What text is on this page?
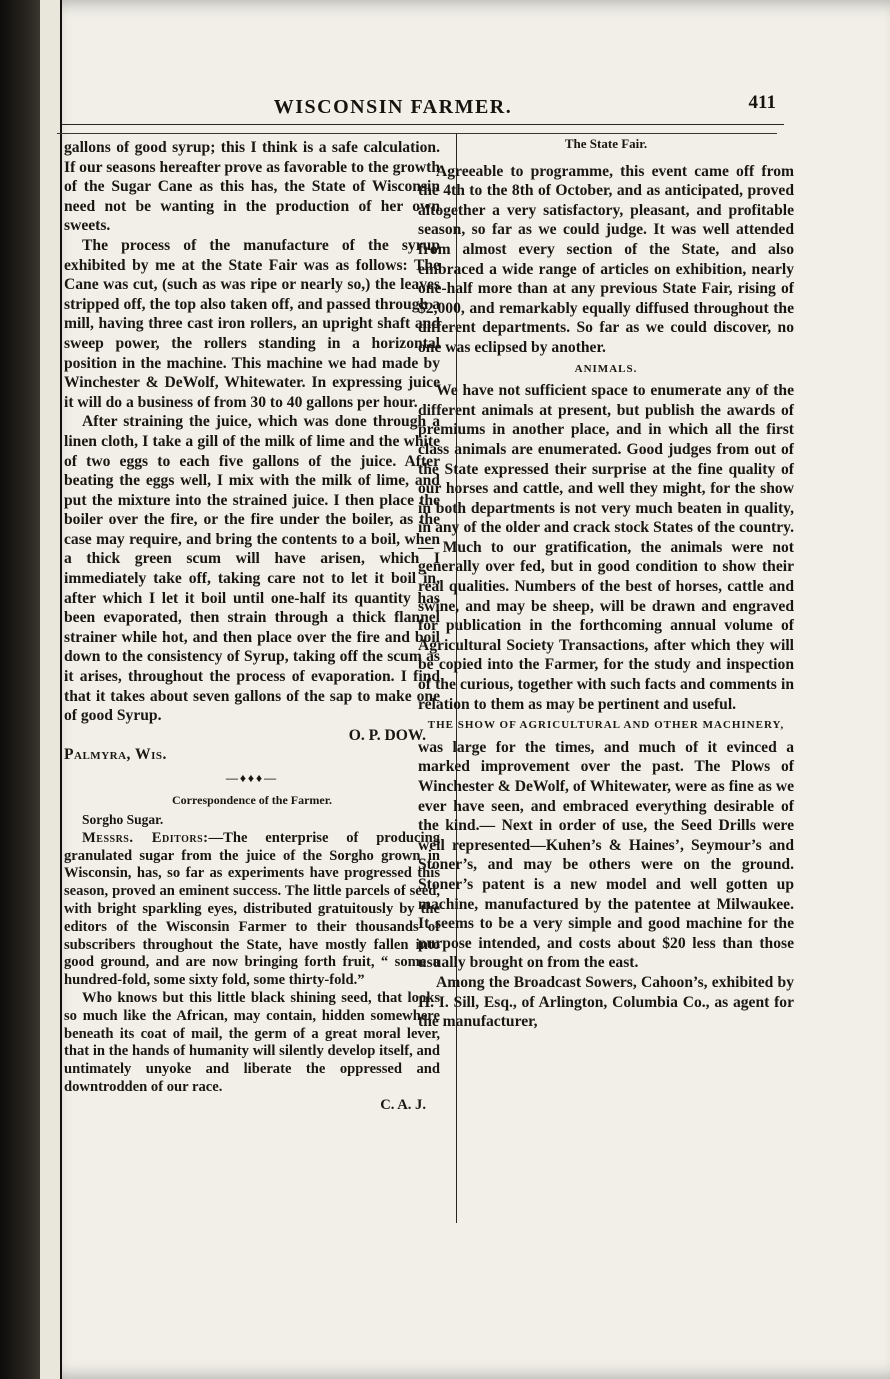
WISCONSIN FARMER.	411

gallons of good syrup; this I think is a safe calculation. If our seasons hereafter prove as favorable to the growth of the Sugar Cane as this has, the State of Wisconsin need not be wanting in the production of her own sweets.

The process of the manufacture of the syrup exhibited by me at the State Fair was as follows: The Cane was cut, (such as was ripe or nearly so,) the leaves stripped off, the top also taken off, and passed through a mill, having three cast iron rollers, an upright shaft and sweep power, the rollers standing in a horizontal position in the machine. This machine we had made by Winchester & DeWolf, Whitewater. In expressing juice it will do a business of from 30 to 40 gallons per hour.

After straining the juice, which was done through a linen cloth, I take a gill of the milk of lime and the white of two eggs to each five gallons of the juice. After beating the eggs well, I mix with the milk of lime, and put the mixture into the strained juice. I then place the boiler over the fire, or the fire under the boiler, as the case may require, and bring the contents to a boil, when a thick green scum will have arisen, which I immediately take off, taking care not to let it boil in, after which I let it boil until one-half its quantity has been evaporated, then strain through a thick flannel strainer while hot, and then place over the fire and boil down to the consistency of Syrup, taking off the scum as it arises, throughout the process of evaporation. I find that it takes about seven gallons of the sap to make one of good Syrup.

O. P. DOW.
Palmyra, Wis.
—♦♦♦—
Correspondence of the Farmer.

Sorgho Sugar.

Messrs. Editors:—The enterprise of producing granulated sugar from the juice of the Sorgho grown in Wisconsin, has, so far as experiments have progressed this season, proved an eminent success. The little parcels of seed, with bright sparkling eyes, distributed gratuitously by the editors of the Wisconsin Farmer to their thousands of subscribers throughout the State, have mostly fallen into good ground, and are now bringing forth fruit, “ some a hundred-fold, some sixty fold, some thirty-fold.”

Who knows but this little black shining seed, that looks so much like the African, may contain, hidden somewhere beneath its coat of mail, the germ of a great moral lever, that in the hands of humanity will silently develop itself, and untimately unyoke and liberate the oppressed and downtrodden of our race.

C. A. J.
The State Fair.

Agreeable to programme, this event came off from the 4th to the 8th of October, and as anticipated, proved altogether a very satisfactory, pleasant, and profitable season, so far as we could judge. It was well attended from almost every section of the State, and also embraced a wide range of articles on exhibition, nearly one-half more than at any previous State Fair, rising of $2,000, and remarkably equally diffused throughout the different departments. So far as we could discover, no one was eclipsed by another.

ANIMALS.

We have not sufficient space to enumerate any of the different animals at present, but publish the awards of premiums in another place, and in which all the first class animals are enumerated. Good judges from out of the State expressed their surprise at the fine quality of our horses and cattle, and well they might, for the show in both departments is not very much beaten in quality, in any of the older and crack stock States of the country.— Much to our gratification, the animals were not generally over fed, but in good condition to show their real qualities. Numbers of the best of horses, cattle and swine, and may be sheep, will be drawn and engraved for publication in the forthcoming annual volume of Agricultural Society Transactions, after which they will be copied into the Farmer, for the study and inspection of the curious, together with such facts and comments in relation to them as may be pertinent and useful.

THE SHOW OF AGRICULTURAL AND OTHER MACHINERY,

was large for the times, and much of it evinced a marked improvement over the past. The Plows of Winchester & DeWolf, of Whitewater, were as fine as we ever have seen, and embraced everything desirable of the kind.— Next in order of use, the Seed Drills were well represented—Kuhen’s & Haines’, Seymour’s and Stoner’s, and may be others were on the ground. Stoner’s patent is a new model and well gotten up machine, manufactured by the patentee at Milwaukee. It seems to be a very simple and good machine for the purpose intended, and costs about $20 less than those usually brought on from the east.

Among the Broadcast Sowers, Cahoon’s, exhibited by H. I. Sill, Esq., of Arlington, Columbia Co., as agent for the manufacturer,
